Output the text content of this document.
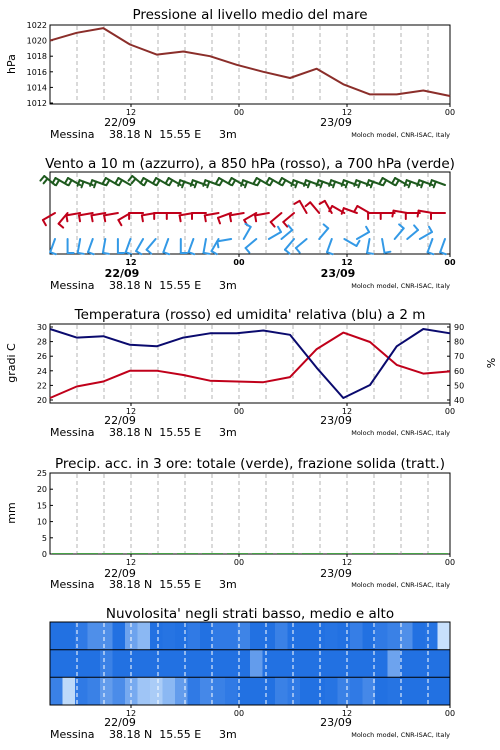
Pressione al livello medio del mare
hPa
1012
1014
1016
1018
1020
1022
12	00	12	00
22/09	23/09
Messina 38.18 N  15.55 E 3m	Moloch model, CNR-ISAC, Italy
Vento a 10 m (azzurro), a 850 hPa (rosso), a 700 hPa (verde)
12	00	12	00
22/09	23/09
Messina 38.18 N  15.55 E 3m	Moloch model, CNR-ISAC, Italy
Temperatura (rosso) ed umidita' relativa (blu) a 2 m
gradi C	%
20
22
24
26
28
30
40
50
60
70
80
90
12	00	12	00
22/09	23/09
Messina 38.18 N  15.55 E 3m	Moloch model, CNR-ISAC, Italy
Precip. acc. in 3 ore: totale (verde), frazione solida (tratt.)
mm
0
5
10
15
20
25
12	00	12	00
22/09	23/09
Messina 38.18 N  15.55 E 3m	Moloch model, CNR-ISAC, Italy
Nuvolosita' negli strati basso, medio e alto
12	00	12	00
22/09	23/09
Messina 38.18 N  15.55 E 3m	Moloch model, CNR-ISAC, Italy
